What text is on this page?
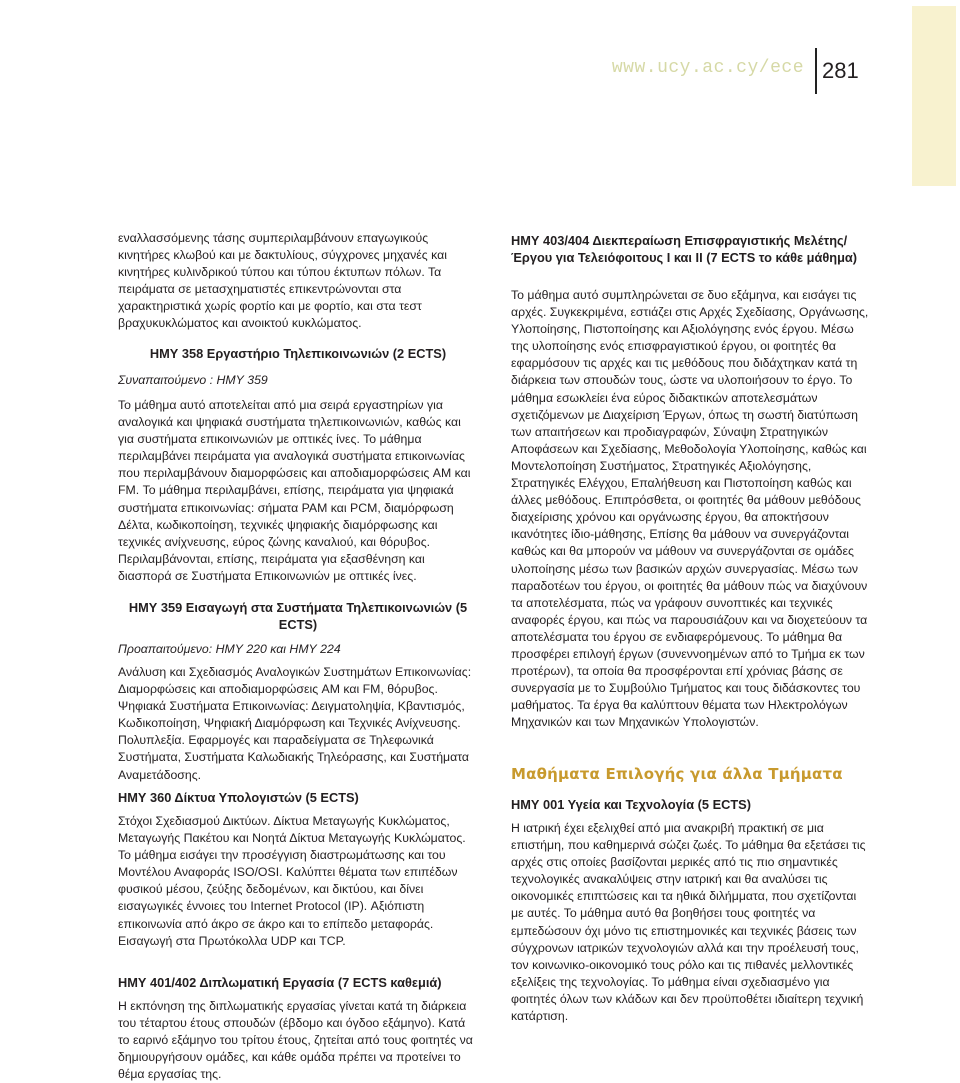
www.ucy.ac.cy/ece 281

εναλλασσόμενης τάσης συμπεριλαμβάνουν επαγωγικούς κινητήρες κλωβού και με δακτυλίους, σύγχρονες μηχανές και κινητήρες κυλινδρικού τύπου και τύπου έκτυπων πόλων. Τα πειράματα σε μετασχηματιστές επικεντρώνονται στα χαρακτηριστικά χωρίς φορτίο και με φορτίο, και στα τεστ βραχυκυκλώματος και ανοικτού κυκλώματος.

ΗΜΥ 358 Εργαστήριο Τηλεπικοινωνιών (2 ECTS)

Συναπαιτούμενο : ΗΜΥ 359

Το μάθημα αυτό αποτελείται από μια σειρά εργαστηρίων για αναλογικά και ψηφιακά συστήματα τηλεπικοινωνιών, καθώς και για συστήματα επικοινωνιών με οπτικές ίνες. Το μάθημα περιλαμβάνει πειράματα για αναλογικά συστήματα επικοινωνίας που περιλαμβάνουν διαμορφώσεις και αποδιαμορφώσεις AM και FM. Το μάθημα περιλαμβάνει, επίσης, πειράματα για ψηφιακά συστήματα επικοινωνίας: σήματα PAM και PCM, διαμόρφωση Δέλτα, κωδικοποίηση, τεχνικές ψηφιακής διαμόρφωσης και τεχνικές ανίχνευσης, εύρος ζώνης καναλιού, και θόρυβος. Περιλαμβάνονται, επίσης, πειράματα για εξασθένηση και διασπορά σε Συστήματα Επικοινωνιών με οπτικές ίνες.

ΗΜΥ 359 Εισαγωγή στα Συστήματα Τηλεπικοινωνιών (5 ECTS)

Προαπαιτούμενο: ΗΜΥ 220 και ΗΜΥ 224

Ανάλυση και Σχεδιασμός Αναλογικών Συστημάτων Επικοινωνίας: Διαμορφώσεις και αποδιαμορφώσεις AM και FM, θόρυβος. Ψηφιακά Συστήματα Επικοινωνίας: Δειγματοληψία, Κβαντισμός, Κωδικοποίηση, Ψηφιακή Διαμόρφωση και Τεχνικές Ανίχνευσης. Πολυπλεξία. Εφαρμογές και παραδείγματα σε Τηλεφωνικά Συστήματα, Συστήματα Καλωδιακής Τηλεόρασης, και Συστήματα Αναμετάδοσης.

ΗΜΥ 360 Δίκτυα Υπολογιστών (5 ECTS)

Στόχοι Σχεδιασμού Δικτύων. Δίκτυα Μεταγωγής Κυκλώματος, Μεταγωγής Πακέτου και Νοητά Δίκτυα Μεταγωγής Κυκλώματος. Το μάθημα εισάγει την προσέγγιση διαστρωμάτωσης και του Μοντέλου Αναφοράς ISO/OSI. Καλύπτει θέματα των επιπέδων φυσικού μέσου, ζεύξης δεδομένων, και δικτύου, και δίνει εισαγωγικές έννοιες του Internet Protocol (IP). Αξιόπιστη επικοινωνία από άκρο σε άκρο και το επίπεδο μεταφοράς. Εισαγωγή στα Πρωτόκολλα UDP και TCP.

ΗΜΥ 401/402 Διπλωματική Εργασία (7 ECTS καθεμιά)

Η εκπόνηση της διπλωματικής εργασίας γίνεται κατά τη διάρκεια του τέταρτου έτους σπουδών (έβδομο και όγδοο εξάμηνο). Κατά το εαρινό εξάμηνο του τρίτου έτους, ζητείται από τους φοιτητές να δημιουργήσουν ομάδες, και κάθε ομάδα πρέπει να προτείνει το θέμα εργασίας της.

ΗΜΥ 403/404 Διεκπεραίωση Επισφραγιστικής Μελέτης/Έργου για Τελειόφοιτους Ι και ΙΙ (7 ECTS το κάθε μάθημα)

Το μάθημα αυτό συμπληρώνεται σε δυο εξάμηνα, και εισάγει τις αρχές. Συγκεκριμένα, εστιάζει στις Αρχές Σχεδίασης, Οργάνωσης, Υλοποίησης, Πιστοποίησης και Αξιολόγησης ενός έργου. Μέσω της υλοποίησης ενός επισφραγιστικού έργου, οι φοιτητές θα εφαρμόσουν τις αρχές και τις μεθόδους που διδάχτηκαν κατά τη διάρκεια των σπουδών τους, ώστε να υλοποιήσουν το έργο. Το μάθημα εσωκλείει ένα εύρος διδακτικών αποτελεσμάτων σχετιζόμενων με Διαχείριση Έργων, όπως τη σωστή διατύπωση των απαιτήσεων και προδιαγραφών, Σύναψη Στρατηγικών Αποφάσεων και Σχεδίασης, Μεθοδολογία Υλοποίησης, καθώς και Μοντελοποίηση Συστήματος, Στρατηγικές Αξιολόγησης, Στρατηγικές Ελέγχου, Επαλήθευση και Πιστοποίηση καθώς και άλλες μεθόδους. Επιπρόσθετα, οι φοιτητές θα μάθουν μεθόδους διαχείρισης χρόνου και οργάνωσης έργου, θα αποκτήσουν ικανότητες ίδιο-μάθησης, Επίσης θα μάθουν να συνεργάζονται καθώς και θα μπορούν να μάθουν να συνεργάζονται σε ομάδες υλοποίησης μέσω των βασικών αρχών συνεργασίας. Μέσω των παραδοτέων του έργου, οι φοιτητές θα μάθουν πώς να διαχύνουν τα αποτελέσματα, πώς να γράφουν συνοπτικές και τεχνικές αναφορές έργου, και πώς να παρουσιάζουν και να διοχετεύουν τα αποτελέσματα του έργου σε ενδιαφερόμενους. Το μάθημα θα προσφέρει επιλογή έργων (συνεννοημένων από το Τμήμα εκ των προτέρων), τα οποία θα προσφέρονται επί χρόνιας βάσης σε συνεργασία με το Συμβούλιο Τμήματος και τους διδάσκοντες του μαθήματος. Τα έργα θα καλύπτουν θέματα των Ηλεκτρολόγων Μηχανικών και των Μηχανικών Υπολογιστών.

Μαθήματα Επιλογής για άλλα Τμήματα
ΗΜΥ 001 Υγεία και Τεχνολογία (5 ECTS)

Η ιατρική έχει εξελιχθεί από μια ανακριβή πρακτική σε μια επιστήμη, που καθημερινά σώζει ζωές. Το μάθημα θα εξετάσει τις αρχές στις οποίες βασίζονται μερικές από τις πιο σημαντικές τεχνολογικές ανακαλύψεις στην ιατρική και θα αναλύσει τις οικονομικές επιπτώσεις και τα ηθικά διλήμματα, που σχετίζονται με αυτές. Το μάθημα αυτό θα βοηθήσει τους φοιτητές να εμπεδώσουν όχι μόνο τις επιστημονικές και τεχνικές βάσεις των σύγχρονων ιατρικών τεχνολογιών αλλά και την προέλευσή τους, τον κοινωνικο-οικονομικό τους ρόλο και τις πιθανές μελλοντικές εξελίξεις της τεχνολογίας. Το μάθημα είναι σχεδιασμένο για φοιτητές όλων των κλάδων και δεν προϋποθέτει ιδιαίτερη τεχνική κατάρτιση.
